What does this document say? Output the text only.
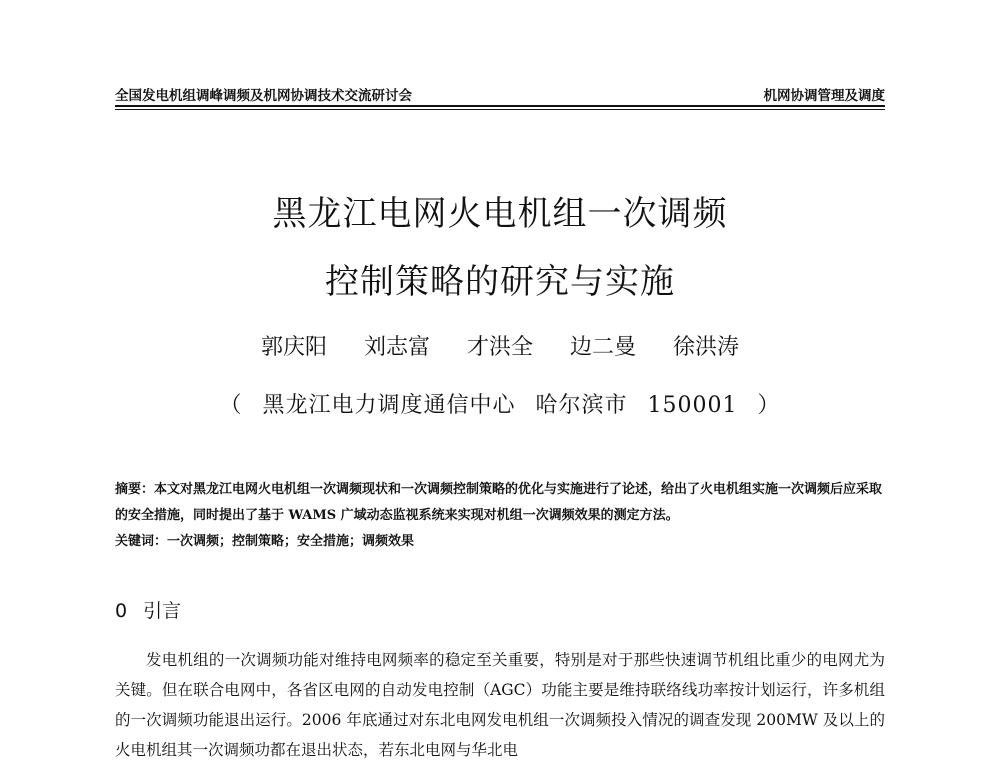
全国发电机组调峰调频及机网协调技术交流研讨会	机网协调管理及调度
黑龙江电网火电机组一次调频
控制策略的研究与实施
郭庆阳 刘志富 才洪全 边二曼 徐洪涛
（ 黑龙江电力调度通信中心 哈尔滨市 150001 ）
摘要：本文对黑龙江电网火电机组一次调频现状和一次调频控制策略的优化与实施进行了论述，给出了火电机组实施一次调频后应采取的安全措施，同时提出了基于 WAMS 广域动态监视系统来实现对机组一次调频效果的测定方法。
关键词：一次调频；控制策略；安全措施；调频效果
0 引言

发电机组的一次调频功能对维持电网频率的稳定至关重要，特别是对于那些快速调节机组比重少的电网尤为关键。但在联合电网中，各省区电网的自动发电控制（AGC）功能主要是维持联络线功率按计划运行，许多机组的一次调频功能退出运行。2006 年底通过对东北电网发电机组一次调频投入情况的调查发现 200MW 及以上的火电机组其一次调频功都在退出状态，若东北电网与华北电
